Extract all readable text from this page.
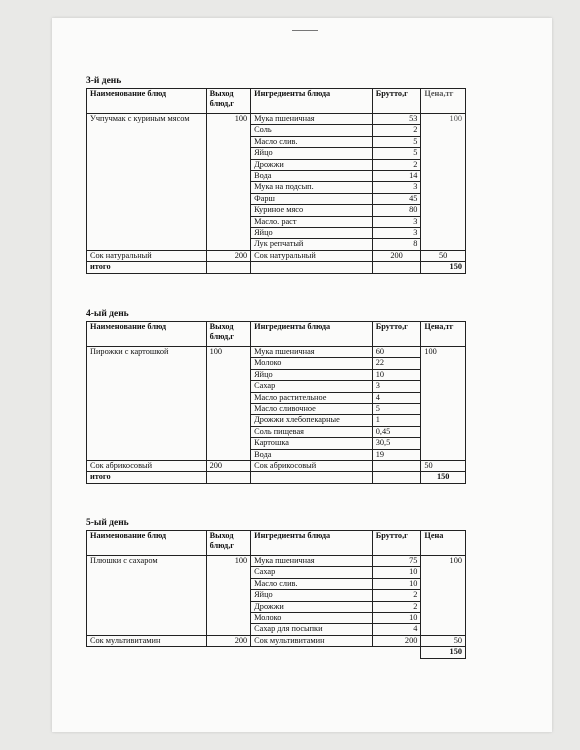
3-й день
Наименование блюд	Выход блюд,г	Ингредиенты блюда	Брутто,г	Цена,тг
Учпучмак с куриным мясом	100	Мука пшеничная	53	100
		Соль	2	
		Масло слив.	5	
		Яйцо	5	
		Дрожжи	2	
		Вода	14	
		Мука на подсып.	3	
		Фарш	45	
		Куриное мясо	80	
		Масло. раст	3	
		Яйцо	3	
		Лук репчатый	8	
Сок натуральный	200	Сок натуральный	200	50
итого				150
4-ый день
Наименование блюд	Выход блюд,г	Ингредиенты блюда	Брутто,г	Цена,тг
Пирожки с картошкой	100	Мука пшеничная	60	100
		Молоко	22	
		Яйцо	10	
		Сахар	3	
		Масло растительное	4	
		Масло сливочное	5	
		Дрожжи хлебопекарные	1	
		Соль пищевая	0,45	
		Картошка	30,5	
		Вода	19	
Сок абрикосовый	200	Сок абрикосовый		50
итого				150
5-ый день
Наименование блюд	Выход блюд,г	Ингредиенты блюда	Брутто,г	Цена
Плюшки с сахаром	100	Мука пшеничная	75	100
		Сахар	10	
		Масло слив.	10	
		Яйцо	2	
		Дрожжи	2	
		Молоко	10	
		Сахар для посыпки	4	
Сок мультивитамин	200	Сок мультивитамин	200	50
				150
